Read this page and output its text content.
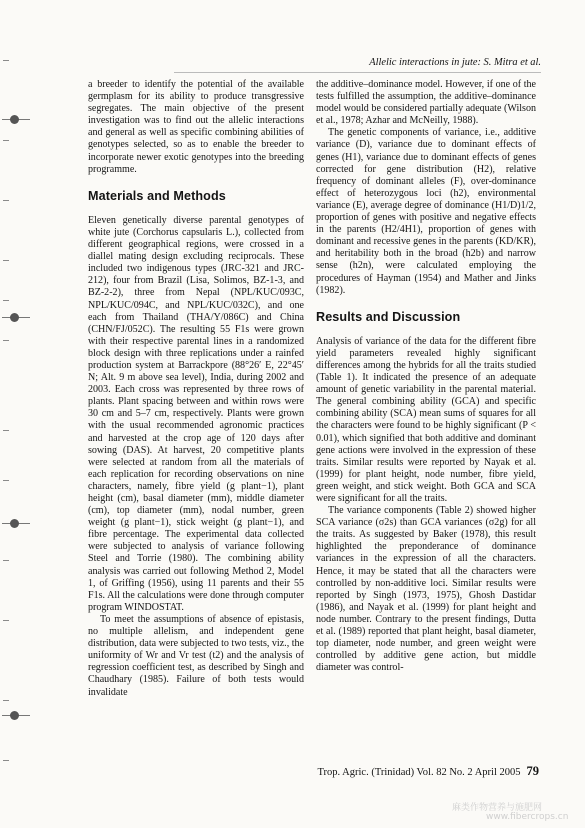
Allelic interactions in jute: S. Mitra et al.

a breeder to identify the potential of the available germplasm for its ability to produce transgressive segregates. The main objective of the present investigation was to find out the allelic interactions and general as well as specific combining abilities of genotypes selected, so as to enable the breeder to incorporate newer exotic genotypes into the breeding programme.

Materials and Methods

Eleven genetically diverse parental genotypes of white jute (Corchorus capsularis L.), collected from different geographical regions, were crossed in a diallel mating design excluding reciprocals. These included two indigenous types (JRC-321 and JRC-212), four from Brazil (Lisa, Solimos, BZ-1-3, and BZ-2-2), three from Nepal (NPL/KUC/093C, NPL/KUC/094C, and NPL/KUC/032C), and one each from Thailand (THA/Y/086C) and China (CHN/FJ/052C). The resulting 55 F1s were grown with their respective parental lines in a randomized block design with three replications under a rainfed production system at Barrackpore (88°26′ E, 22°45′ N; Alt. 9 m above sea level), India, during 2002 and 2003. Each cross was represented by three rows of plants. Plant spacing between and within rows were 30 cm and 5–7 cm, respectively. Plants were grown with the usual recommended agronomic practices and harvested at the crop age of 120 days after sowing (DAS). At harvest, 20 competitive plants were selected at random from all the materials of each replication for recording observations on nine characters, namely, fibre yield (g plant−1), plant height (cm), basal diameter (mm), middle diameter (cm), top diameter (mm), nodal number, green weight (g plant−1), stick weight (g plant−1), and fibre percentage. The experimental data collected were subjected to analysis of variance following Steel and Torrie (1980). The combining ability analysis was carried out following Method 2, Model 1, of Griffing (1956), using 11 parents and their 55 F1s. All the calculations were done through computer program WINDOSTAT.

To meet the assumptions of absence of epistasis, no multiple allelism, and independent gene distribution, data were subjected to two tests, viz., the uniformity of Wr and Vr test (t2) and the analysis of regression coefficient test, as described by Singh and Chaudhary (1985). Failure of both tests would invalidate

the additive–dominance model. However, if one of the tests fulfilled the assumption, the additive–dominance model would be considered partially adequate (Wilson et al., 1978; Azhar and McNeilly, 1988).

The genetic components of variance, i.e., additive variance (D), variance due to dominant effects of genes (H1), variance due to dominant effects of genes corrected for gene distribution (H2), relative frequency of dominant alleles (F), over-dominance effect of heterozygous loci (h2), environmental variance (E), average degree of dominance (H1/D)1/2, proportion of genes with positive and negative effects in the parents (H2/4H1), proportion of genes with dominant and recessive genes in the parents (KD/KR), and heritability both in the broad (h2b) and narrow sense (h2n), were calculated employing the procedures of Hayman (1954) and Mather and Jinks (1982).

Results and Discussion

Analysis of variance of the data for the different fibre yield parameters revealed highly significant differences among the hybrids for all the traits studied (Table 1). It indicated the presence of an adequate amount of genetic variability in the parental material. The general combining ability (GCA) and specific combining ability (SCA) mean sums of squares for all the characters were found to be highly significant (P < 0.01), which signified that both additive and dominant gene actions were involved in the expression of these traits. Similar results were reported by Nayak et al. (1999) for plant height, node number, fibre yield, green weight, and stick weight. Both GCA and SCA were significant for all the traits.

The variance components (Table 2) showed higher SCA variance (σ2s) than GCA variances (σ2g) for all the traits. As suggested by Baker (1978), this result highlighted the preponderance of dominance variances in the expression of all the characters. Hence, it may be stated that all the characters were controlled by non-additive loci. Similar results were reported by Singh (1973, 1975), Ghosh Dastidar (1986), and Nayak et al. (1999) for plant height and node number. Contrary to the present findings, Dutta et al. (1989) reported that plant height, basal diameter, top diameter, node number, and green weight were controlled by additive gene action, but middle diameter was control-

Trop. Agric. (Trinidad) Vol. 82 No. 2 April 2005 79
麻类作物营养与施肥网
www.fibercrops.cn
